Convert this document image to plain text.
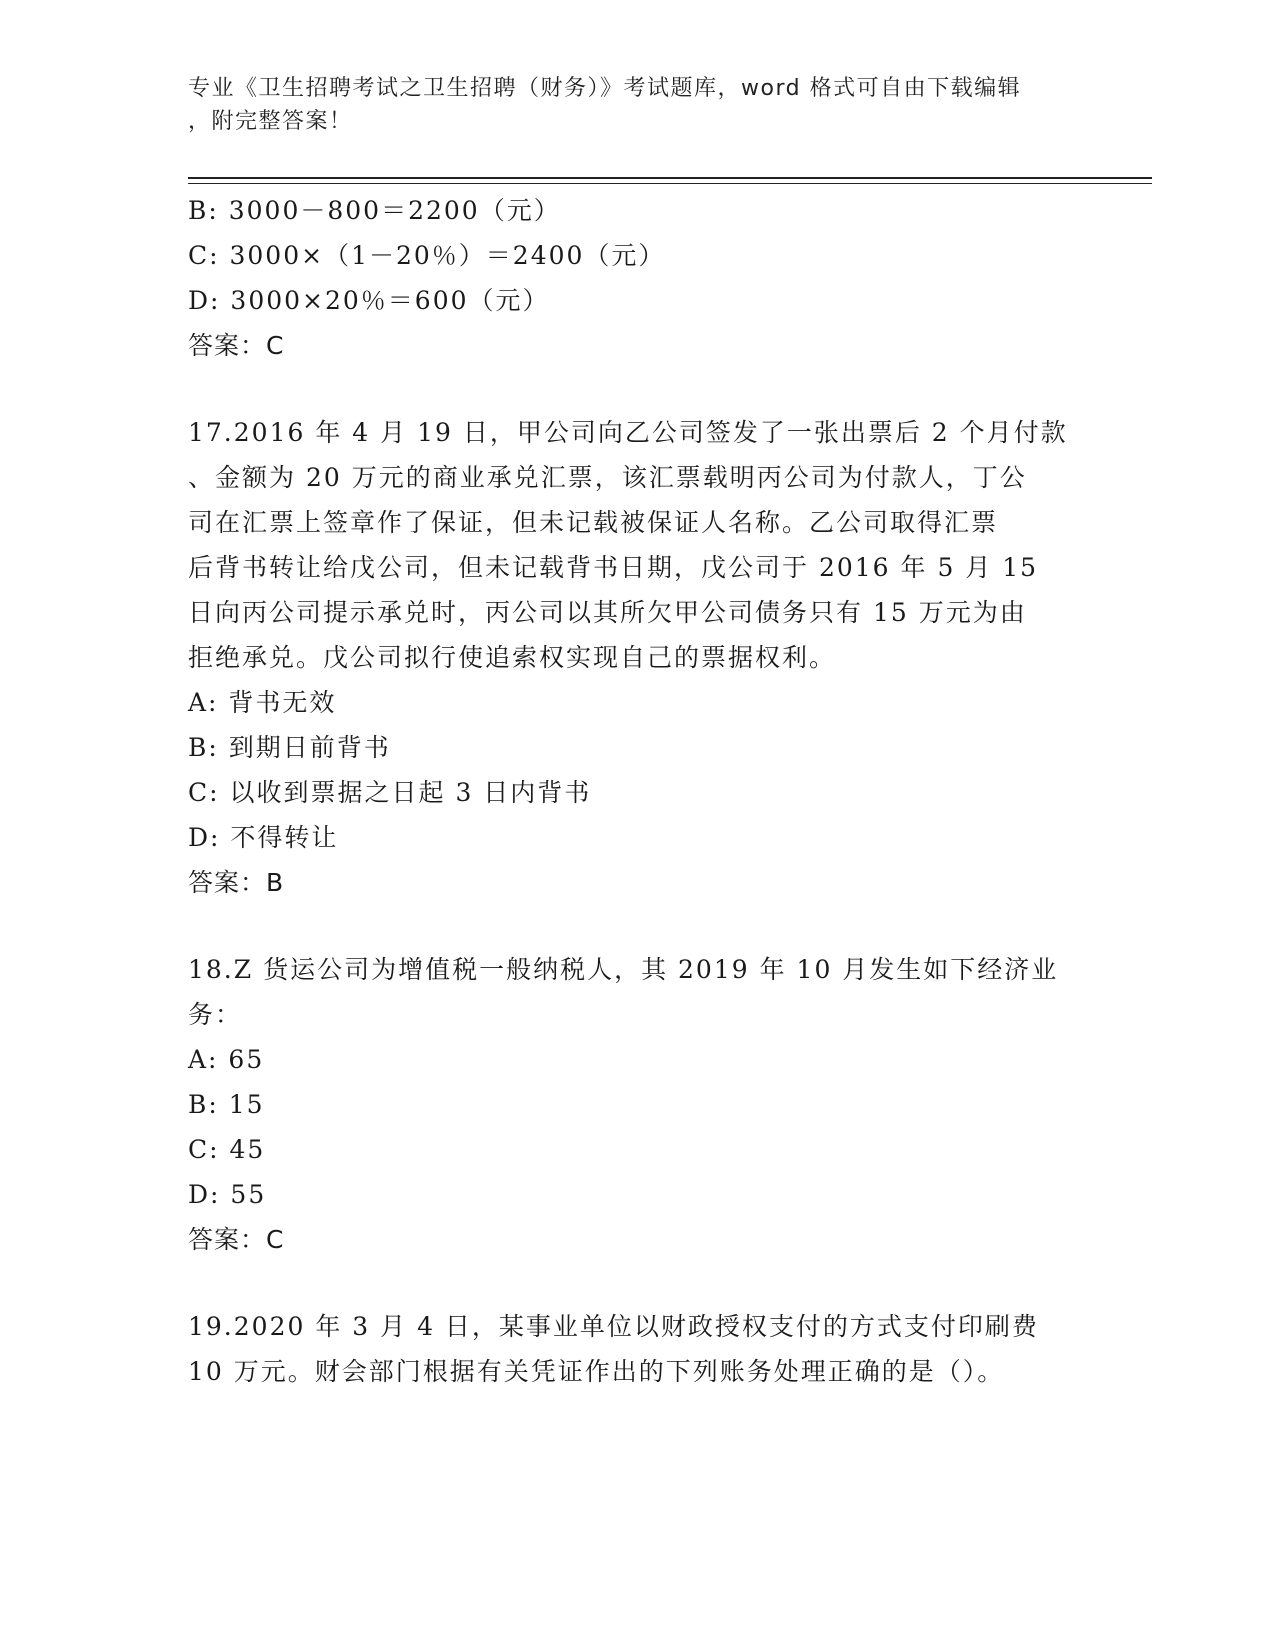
专业《卫生招聘考试之卫生招聘（财务）》考试题库，word 格式可自由下载编辑
，附完整答案！
B: 3000－800＝2200（元）
C: 3000×（1－20％）＝2400（元）
D: 3000×20％＝600（元）
答案：C
17.2016 年 4 月 19 日，甲公司向乙公司签发了一张出票后 2 个月付款
、金额为 20 万元的商业承兑汇票，该汇票载明丙公司为付款人，丁公
司在汇票上签章作了保证，但未记载被保证人名称。乙公司取得汇票
后背书转让给戊公司，但未记载背书日期，戊公司于 2016 年 5 月 15
日向丙公司提示承兑时，丙公司以其所欠甲公司债务只有 15 万元为由
拒绝承兑。戊公司拟行使追索权实现自己的票据权利。
A: 背书无效
B: 到期日前背书
C: 以收到票据之日起 3 日内背书
D: 不得转让
答案：B
18.Z 货运公司为增值税一般纳税人，其 2019 年 10 月发生如下经济业
务：
A: 65
B: 15
C: 45
D: 55
答案：C
19.2020 年 3 月 4 日，某事业单位以财政授权支付的方式支付印刷费
10 万元。财会部门根据有关凭证作出的下列账务处理正确的是（）。
